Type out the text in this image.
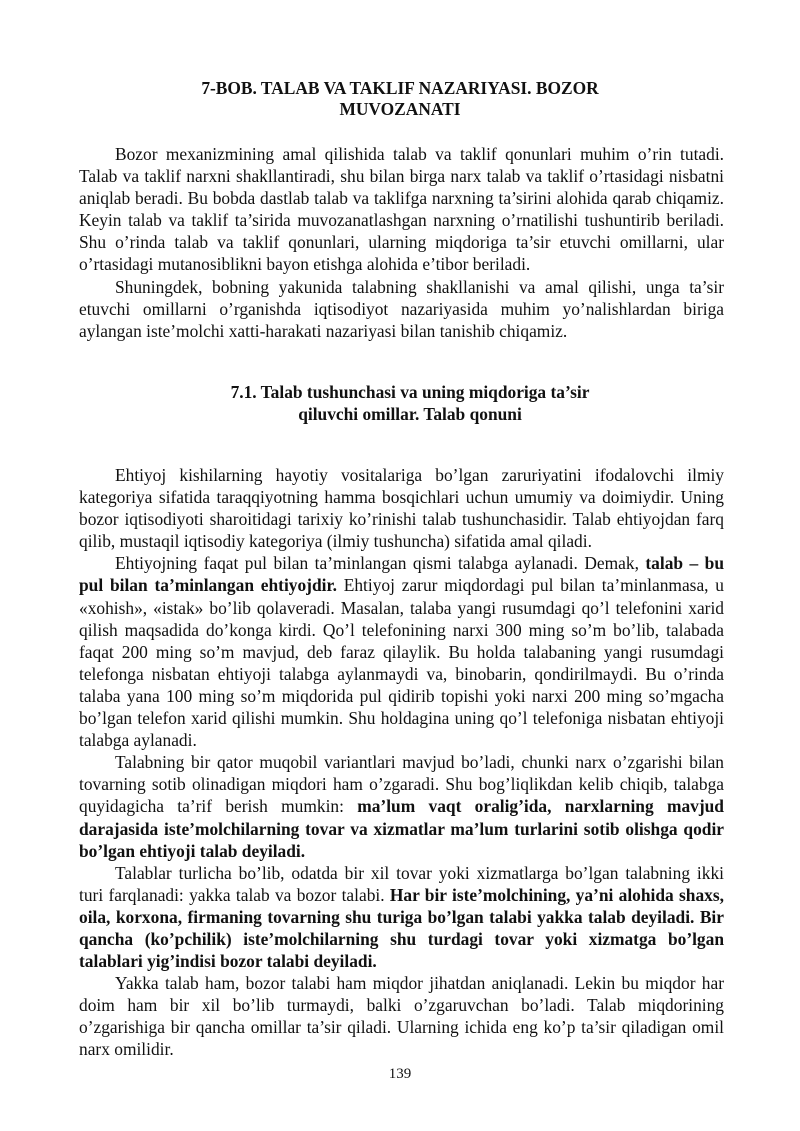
7-BOB. TALAB VA TAKLIF NAZARIYASI. BOZOR
MUVOZANATI

Bozor mexanizmining amal qilishida talab va taklif qonunlari muhim o’rin tutadi. Talab va taklif narxni shakllantiradi, shu bilan birga narx talab va taklif o’rtasidagi nisbatni aniqlab beradi. Bu bobda dastlab talab va taklifga narxning ta’sirini alohida qarab chiqamiz. Keyin talab va taklif ta’sirida muvozanatlashgan narxning o’rnatilishi tushuntirib beriladi. Shu o’rinda talab va taklif qonunlari, ularning miqdoriga ta’sir etuvchi omillarni, ular o’rtasidagi mutanosiblikni bayon etishga alohida e’tibor beriladi.

Shuningdek, bobning yakunida talabning shakllanishi va amal qilishi, unga ta’sir etuvchi omillarni o’rganishda iqtisodiyot nazariyasida muhim yo’nalishlardan biriga aylangan iste’molchi xatti-harakati nazariyasi bilan tanishib chiqamiz.

7.1. Talab tushunchasi va uning miqdoriga ta’sir
qiluvchi omillar. Talab qonuni

Ehtiyoj kishilarning hayotiy vositalariga bo’lgan zaruriyatini ifodalovchi ilmiy kategoriya sifatida taraqqiyotning hamma bosqichlari uchun umumiy va doimiydir. Uning bozor iqtisodiyoti sharoitidagi tarixiy ko’rinishi talab tushunchasidir. Talab ehtiyojdan farq qilib, mustaqil iqtisodiy kategoriya (ilmiy tushuncha) sifatida amal qiladi.

Ehtiyojning faqat pul bilan ta’minlangan qismi talabga aylanadi. Demak, talab – bu pul bilan ta’minlangan ehtiyojdir. Ehtiyoj zarur miqdordagi pul bilan ta’minlanmasa, u «xohish», «istak» bo’lib qolaveradi. Masalan, talaba yangi rusumdagi qo’l telefonini xarid qilish maqsadida do’konga kirdi. Qo’l telefonining narxi 300 ming so’m bo’lib, talabada faqat 200 ming so’m mavjud, deb faraz qilaylik. Bu holda talabaning yangi rusumdagi telefonga nisbatan ehtiyoji talabga aylanmaydi va, binobarin, qondirilmaydi. Bu o’rinda talaba yana 100 ming so’m miqdorida pul qidirib topishi yoki narxi 200 ming so’mgacha bo’lgan telefon xarid qilishi mumkin. Shu holdagina uning qo’l telefoniga nisbatan ehtiyoji talabga aylanadi.

Talabning bir qator muqobil variantlari mavjud bo’ladi, chunki narx o’zgarishi bilan tovarning sotib olinadigan miqdori ham o’zgaradi. Shu bog’liqlikdan kelib chiqib, talabga quyidagicha ta’rif berish mumkin: ma’lum vaqt oralig’ida, narxlarning mavjud darajasida iste’molchilarning tovar va xizmatlar ma’lum turlarini sotib olishga qodir bo’lgan ehtiyoji talab deyiladi.

Talablar turlicha bo’lib, odatda bir xil tovar yoki xizmatlarga bo’lgan talabning ikki turi farqlanadi: yakka talab va bozor talabi. Har bir iste’molchining, ya’ni alohida shaxs, oila, korxona, firmaning tovarning shu turiga bo’lgan talabi yakka talab deyiladi. Bir qancha (ko’pchilik) iste’molchilarning shu turdagi tovar yoki xizmatga bo’lgan talablari yig’indisi bozor talabi deyiladi.

Yakka talab ham, bozor talabi ham miqdor jihatdan aniqlanadi. Lekin bu miqdor har doim ham bir xil bo’lib turmaydi, balki o’zgaruvchan bo’ladi. Talab miqdorining o’zgarishiga bir qancha omillar ta’sir qiladi. Ularning ichida eng ko’p ta’sir qiladigan omil narx omilidir.

139
